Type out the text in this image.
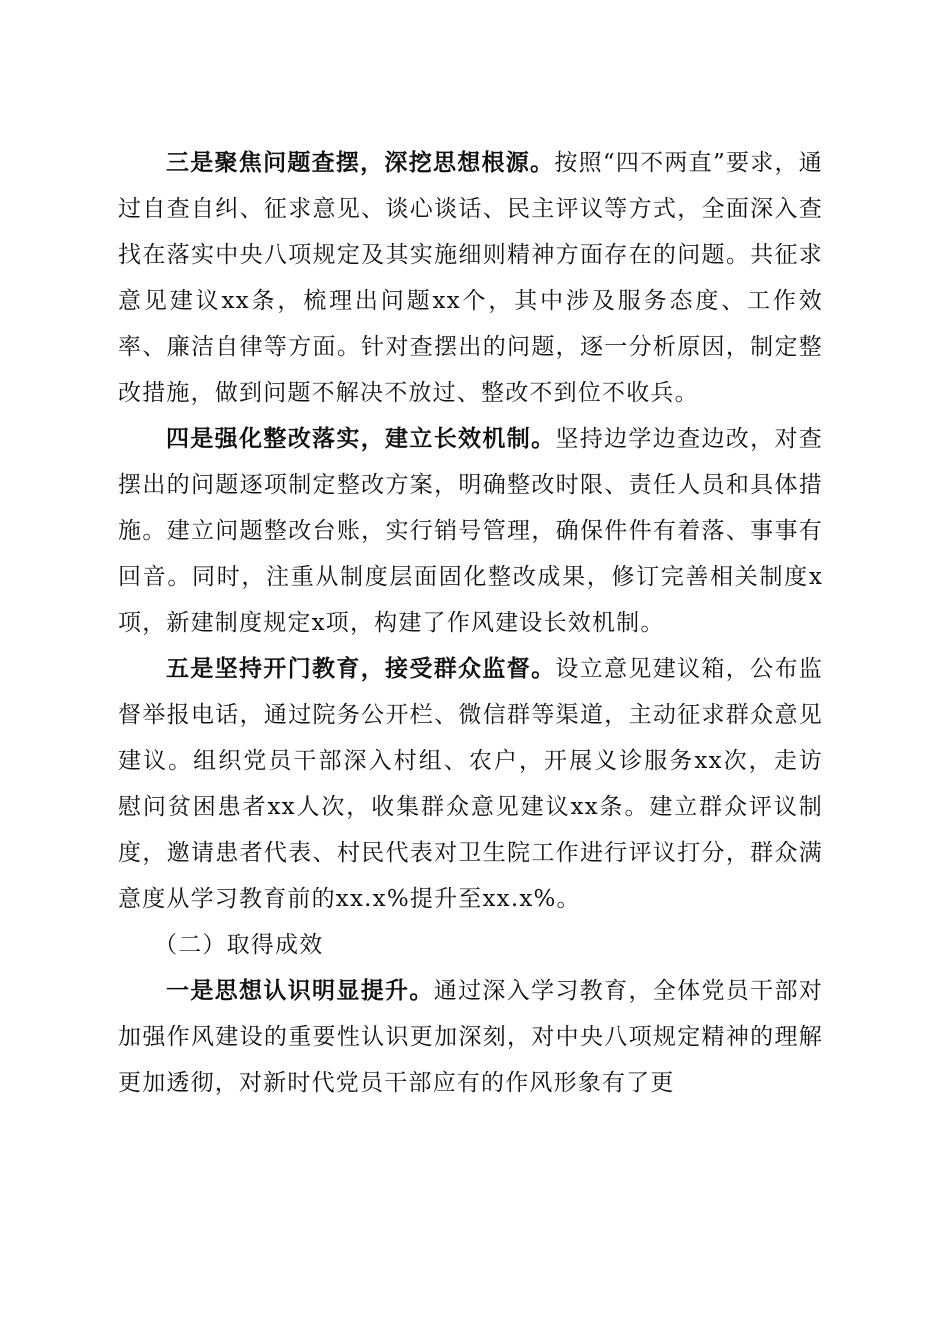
三是聚焦问题查摆，深挖思想根源。按照“四不两直”要求，通过自查自纠、征求意见、谈心谈话、民主评议等方式，全面深入查找在落实中央八项规定及其实施细则精神方面存在的问题。共征求意见建议xx条，梳理出问题xx个，其中涉及服务态度、工作效率、廉洁自律等方面。针对查摆出的问题，逐一分析原因，制定整改措施，做到问题不解决不放过、整改不到位不收兵。

四是强化整改落实，建立长效机制。坚持边学边查边改，对查摆出的问题逐项制定整改方案，明确整改时限、责任人员和具体措施。建立问题整改台账，实行销号管理，确保件件有着落、事事有回音。同时，注重从制度层面固化整改成果，修订完善相关制度x项，新建制度规定x项，构建了作风建设长效机制。

五是坚持开门教育，接受群众监督。设立意见建议箱，公布监督举报电话，通过院务公开栏、微信群等渠道，主动征求群众意见建议。组织党员干部深入村组、农户，开展义诊服务xx次，走访慰问贫困患者xx人次，收集群众意见建议xx条。建立群众评议制度，邀请患者代表、村民代表对卫生院工作进行评议打分，群众满意度从学习教育前的xx.x%提升至xx.x%。

（二）取得成效

一是思想认识明显提升。通过深入学习教育，全体党员干部对加强作风建设的重要性认识更加深刻，对中央八项规定精神的理解更加透彻，对新时代党员干部应有的作风形象有了更
